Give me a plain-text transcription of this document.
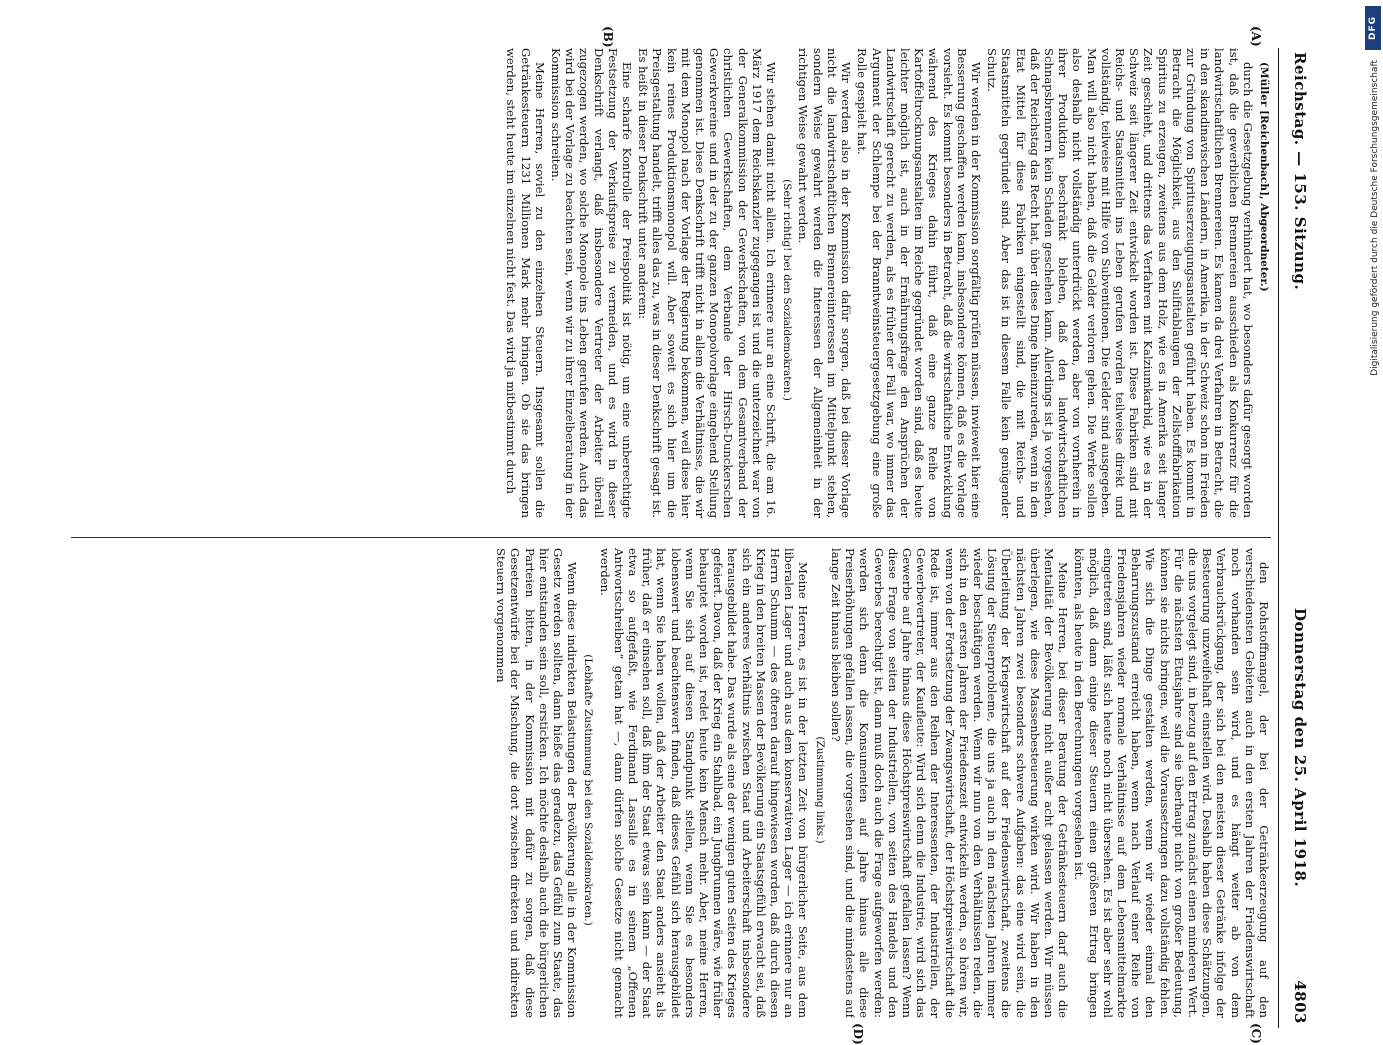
DFG
Digitalisierung gefördert durch die Deutsche Forschungsgemeinschaft
Reichstag. — 153. Sitzung.
Donnerstag den 25. April 1918.
4803
(A)
(B)
(C)
(D)

(Müller [Reichenbach], Abgeordneter.)

durch die Gesetzgebung verhindert hat, wo besonders dafür gesorgt worden ist, daß die gewerblichen Brennereien ausschieden als Konkurrenz für die landwirtschaftlichen Brennereien. Es kamen da drei Verfahren in Betracht, die in den skandinavischen Ländern, in Amerika, in der Schweiz schon im Frieden zur Gründung von Spirituserzeugungsanstalten geführt haben. Es kommt in Betracht die Möglichkeit, aus den Sulfitablaugen der Zellstofffabrikation Spiritus zu erzeugen, zweitens aus dem Holz, wie es in Amerika seit langer Zeit geschieht, und drittens das Verfahren mit Kalziumkarbid, wie es in der Schweiz seit längerer Zeit entwickelt worden ist. Diese Fabriken sind mit Reichs- und Staatsmitteln ins Leben gerufen worden teilweise direkt und vollständig, teilweise mit Hilfe von Subventionen. Die Gelder sind ausgegeben. Man will also nicht haben, daß die Gelder verloren gehen. Die Werke sollen also deshalb nicht vollständig unterdrückt werden, aber von vornherein in ihrer Produktion beschränkt bleiben, daß den landwirtschaftlichen Schnapsbrennern kein Schaden geschehen kann. Allerdings ist ja vorgesehen, daß der Reichstag das Recht hat, über diese Dinge hineinzureden, wenn in den Etat Mittel für diese Fabriken eingestellt sind, die mit Reichs- und Staatsmitteln gegründet sind. Aber das ist in diesem Falle kein genügender Schutz.

Wir werden in der Kommission sorgfältig prüfen müssen, inwieweit hier eine Besserung geschaffen werden kann, insbesondere können, daß es die Vorlage vorsieht. Es kommt besonders in Betracht, daß die wirtschaftliche Entwicklung während des Krieges dahin führt, daß eine ganze Reihe von Kartoffeltrocknungsanstalten im Reiche gegründet worden sind, daß es heute leichter möglich ist, auch in der Ernährungsfrage den Ansprüchen der Landwirtschaft gerecht zu werden, als es früher der Fall war, wo immer das Argument der Schlempe bei der Branntweinsteuergesetzgebung eine große Rolle gespielt hat.

Wir werden also in der Kommission dafür sorgen, daß bei dieser Vorlage nicht die landwirtschaftlichen Brennereiinteressen im Mittelpunkt stehen, sondern Weise gewahrt werden die Interessen der Allgemeinheit in der richtigen Weise gewahrt werden.

(Sehr richtig! bei den Sozialdemokraten.)

Wir stehen damit nicht allein. Ich erinnere nur an eine Schrift, die am 16. März 1917 dem Reichskanzler zugegangen ist und die unterzeichnet war von der Generalkommission der Gewerkschaften, von dem Gesamtverband der christlichen Gewerkschaften, dem Verbande der Hirsch-Dunckerschen Gewerkvereine und in der zu der ganzen Monopolvorlage eingehend Stellung genommen ist. Diese Denkschrift trifft nicht in allem die Verhältnisse, die wir mit dem Monopol nach der Vorlage der Regierung bekommen, weil diese hier kein reines Produktionsmonopol will. Aber soweit es sich hier um die Preisgestaltung handelt, trifft alles das zu, was in dieser Denkschrift gesagt ist. Es heißt in dieser Denkschrift unter anderem:

Eine scharfe Kontrolle der Preispolitik ist nötig, um eine unberechtigte Festsetzung der Verkaufspreise zu vermeiden, und es wird in dieser Denkschrift verlangt, daß insbesondere Vertreter der Arbeiter überall zugezogen werden, wo solche Monopole ins Leben gerufen werden. Auch das wird bei der Vorlage zu beachten sein, wenn wir zu ihrer Einzelberatung in der Kommission schreiten.

Meine Herren, soviel zu den einzelnen Steuern. Insgesamt sollen die Getränkesteuern 1231 Millionen Mark mehr bringen. Ob sie das bringen werden, steht heute im einzelnen nicht fest. Das wird ja mitbestimmt durch

den Rohstoffmangel, der bei der Getränkeerzeugung auf den verschiedensten Gebieten auch in den ersten Jahren der Friedenswirtschaft noch vorhanden sein wird, und es hängt weiter ab von dem Verbrauchsrückgang, der sich bei den meisten dieser Getränke infolge der Besteuerung unzweifelhaft einstellen wird. Deshalb haben diese Schätzungen, die uns vorgelegt sind, in bezug auf den Ertrag zunächst einen minderen Wert. Für die nächsten Etatsjahre sind sie überhaupt nicht von großer Bedeutung, können sie nichts bringen, weil die Voraussetzungen dazu vollständig fehlen. Wie sich die Dinge gestalten werden, wenn wir wieder einmal den Beharrungszustand erreicht haben, wenn nach Verlauf einer Reihe von Friedensjahren wieder normale Verhältnisse auf dem Lebensmittelmarkte eingetreten sind, läßt sich heute noch nicht übersehen. Es ist aber sehr wohl möglich, daß dann einige dieser Steuern einen größeren Ertrag bringen könnten, als heute in den Berechnungen vorgesehen ist.

Meine Herren, bei dieser Beratung der Getränkesteuern darf auch die Mentalität der Bevölkerung nicht außer acht gelassen werden. Wir müssen überlegen, wie diese Massenbesteuerung wirken wird. Wir haben in den nächsten Jahren zwei besonders schwere Aufgaben: das eine wird sein, die Überleitung der Kriegswirtschaft auf der Friedenswirtschaft, zweitens die Lösung der Steuerprobleme, die uns ja auch in den nächsten Jahren immer wieder beschäftigen werden. Wenn wir nun von den Verhältnissen reden, die sich in den ersten Jahren der Friedenszeit entwickeln werden, so hören wir, wenn von der Fortsetzung der Zwangswirtschaft, der Höchstpreiswirtschaft die Rede ist, immer aus den Reihen der Interessenten, der Industriellen, der Gewerbevertreter, der Kaufleute: Wird sich denn die Industrie, wird sich das Gewerbe auf Jahre hinaus diese Höchstpreiswirtschaft gefallen lassen? Wenn diese Frage von seiten der Industriellen, von seiten des Handels und den Gewerbes berechtigt ist, dann muß doch auch die Frage aufgeworfen werden: werden sich denn die Konsumenten auf Jahre hinaus alle diese Preiserhöhungen gefallen lassen, die vorgesehen sind, und die mindestens auf lange Zeit hinaus bleiben sollen?

(Zustimmung links.)

Meine Herren, es ist in der letzten Zeit von bürgerlicher Seite, aus dem liberalen Lager und auch aus dem konservativen Lager — ich erinnere nur an Herrn Schumm — des öfteren darauf hingewiesen worden, daß durch diesen Krieg in den breiten Massen der Bevölkerung ein Staatsgefühl erwacht sei, daß sich ein anderes Verhältnis zwischen Staat und Arbeiterschaft insbesondere herausgebildet habe. Das wurde als eine der wenigen guten Seiten des Krieges gefeiert. Davon, daß der Krieg ein Stahlbad, ein Jungbrunnen wäre, wie früher behauptet worden ist, redet heute kein Mensch mehr. Aber, meine Herren, wenn Sie sich auf diesen Standpunkt stellen, wenn Sie es besonders lobenswert und beachtenswert finden, daß dieses Gefühl sich herausgebildet hat, wenn Sie haben wollen, daß der Arbeiter den Staat anders ansieht als früher, daß er einsehen soll, daß ihm der Staat etwas sein kann — der Staat etwa so aufgefaßt, wie Ferdinand Lassalle es in seinem „Offenen Antwortschreiben“ getan hat —, dann dürfen solche Gesetze nicht gemacht werden.

(Lebhafte Zustimmung bei den Sozialdemokraten.)

Wenn diese indirekten Belastungen der Bevölkerung alle in der Kommission Gesetz werden sollten, dann hieße das geradezu, das Gefühl zum Staate, das hier entstanden sein soll, ersticken. Ich möchte deshalb auch die bürgerlichen Parteien bitten, in der Kommission mit dafür zu sorgen, daß diese Gesetzentwürfe bei der Mischung, die dort zwischen direkten und indirekten Steuern vorgenommen
